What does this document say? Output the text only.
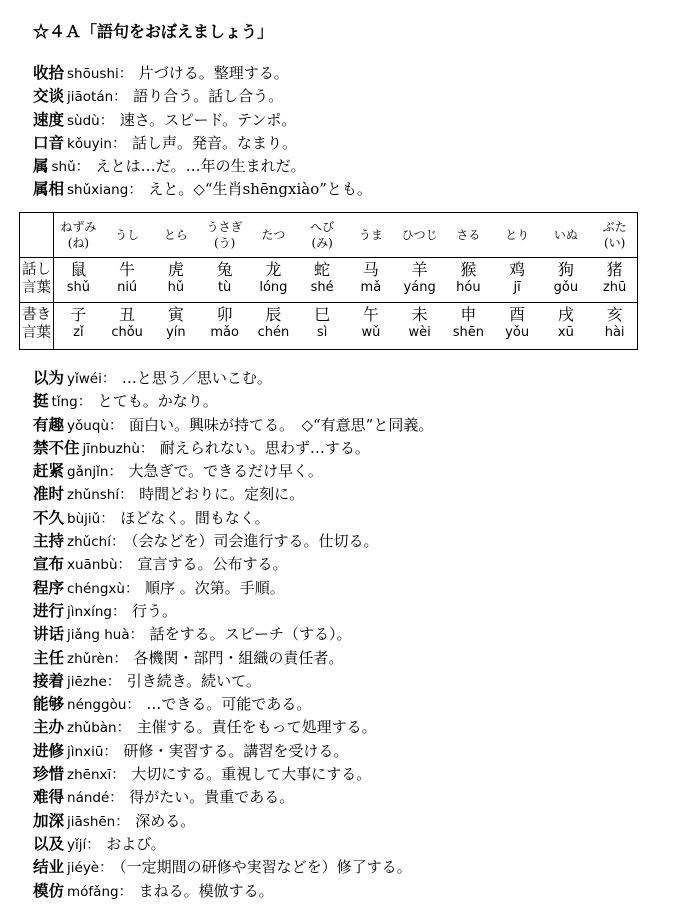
☆４Ａ「語句をおぼえましょう」
收拾 shōushi： 片づける。整理する。
交谈 jiāotán： 語り合う。話し合う。
速度 sùdù： 速さ。スピード。テンポ。
口音 kǒuyin： 話し声。発音。なまり。
属 shǔ： えとは…だ。…年の生まれだ。
属相 shǔxiang： えと。◇“生肖shēngxiào”とも。
話し
言葉
書き
言葉
ねずみ
(ね)
鼠
shǔ
子
zǐ
うし
牛
niú
丑
chǒu
とら
虎
hǔ
寅
yín
うさぎ
(う)
兔
tù
卯
mǎo
たつ
龙
lóng
辰
chén
へび
(み)
蛇
shé
巳
sì
うま
马
mǎ
午
wǔ
ひつじ
羊
yáng
未
wèi
さる
猴
hóu
申
shēn
とり
鸡
jī
酉
yǒu
いぬ
狗
gǒu
戌
xū
ぶた
(い)
猪
zhū
亥
hài
以为 yǐwéi： …と思う／思いこむ。
挺 tǐng： とても。かなり。
有趣 yǒuqù： 面白い。興味が持てる。　◇“有意思”と同義。
禁不住 jīnbuzhù： 耐えられない。思わず…する。
赶紧 gǎnjǐn： 大急ぎで。できるだけ早く。
准时 zhǔnshí： 時間どおりに。定刻に。
不久 bùjiǔ： ほどなく。間もなく。
主持 zhǔchí： （会などを）司会進行する。仕切る。
宣布 xuānbù： 宣言する。公布する。
程序 chéngxù： 順序 。次第。手順。
进行 jìnxíng： 行う。
讲话 jiǎng huà： 話をする。スピーチ（する）。
主任 zhǔrèn： 各機関・部門・組織の責任者。
接着 jiēzhe： 引き続き。続いて。
能够 nénggòu： …できる。可能である。
主办 zhǔbàn： 主催する。責任をもって処理する。
进修 jìnxiū： 研修・実習する。講習を受ける。
珍惜 zhēnxī： 大切にする。重視して大事にする。
难得 nándé： 得がたい。貴重である。
加深 jiāshēn： 深める。
以及 yǐjí： および。
结业 jiéyè： （一定期間の研修や実習などを）修了する。
模仿 mófǎng： まねる。模倣する。
